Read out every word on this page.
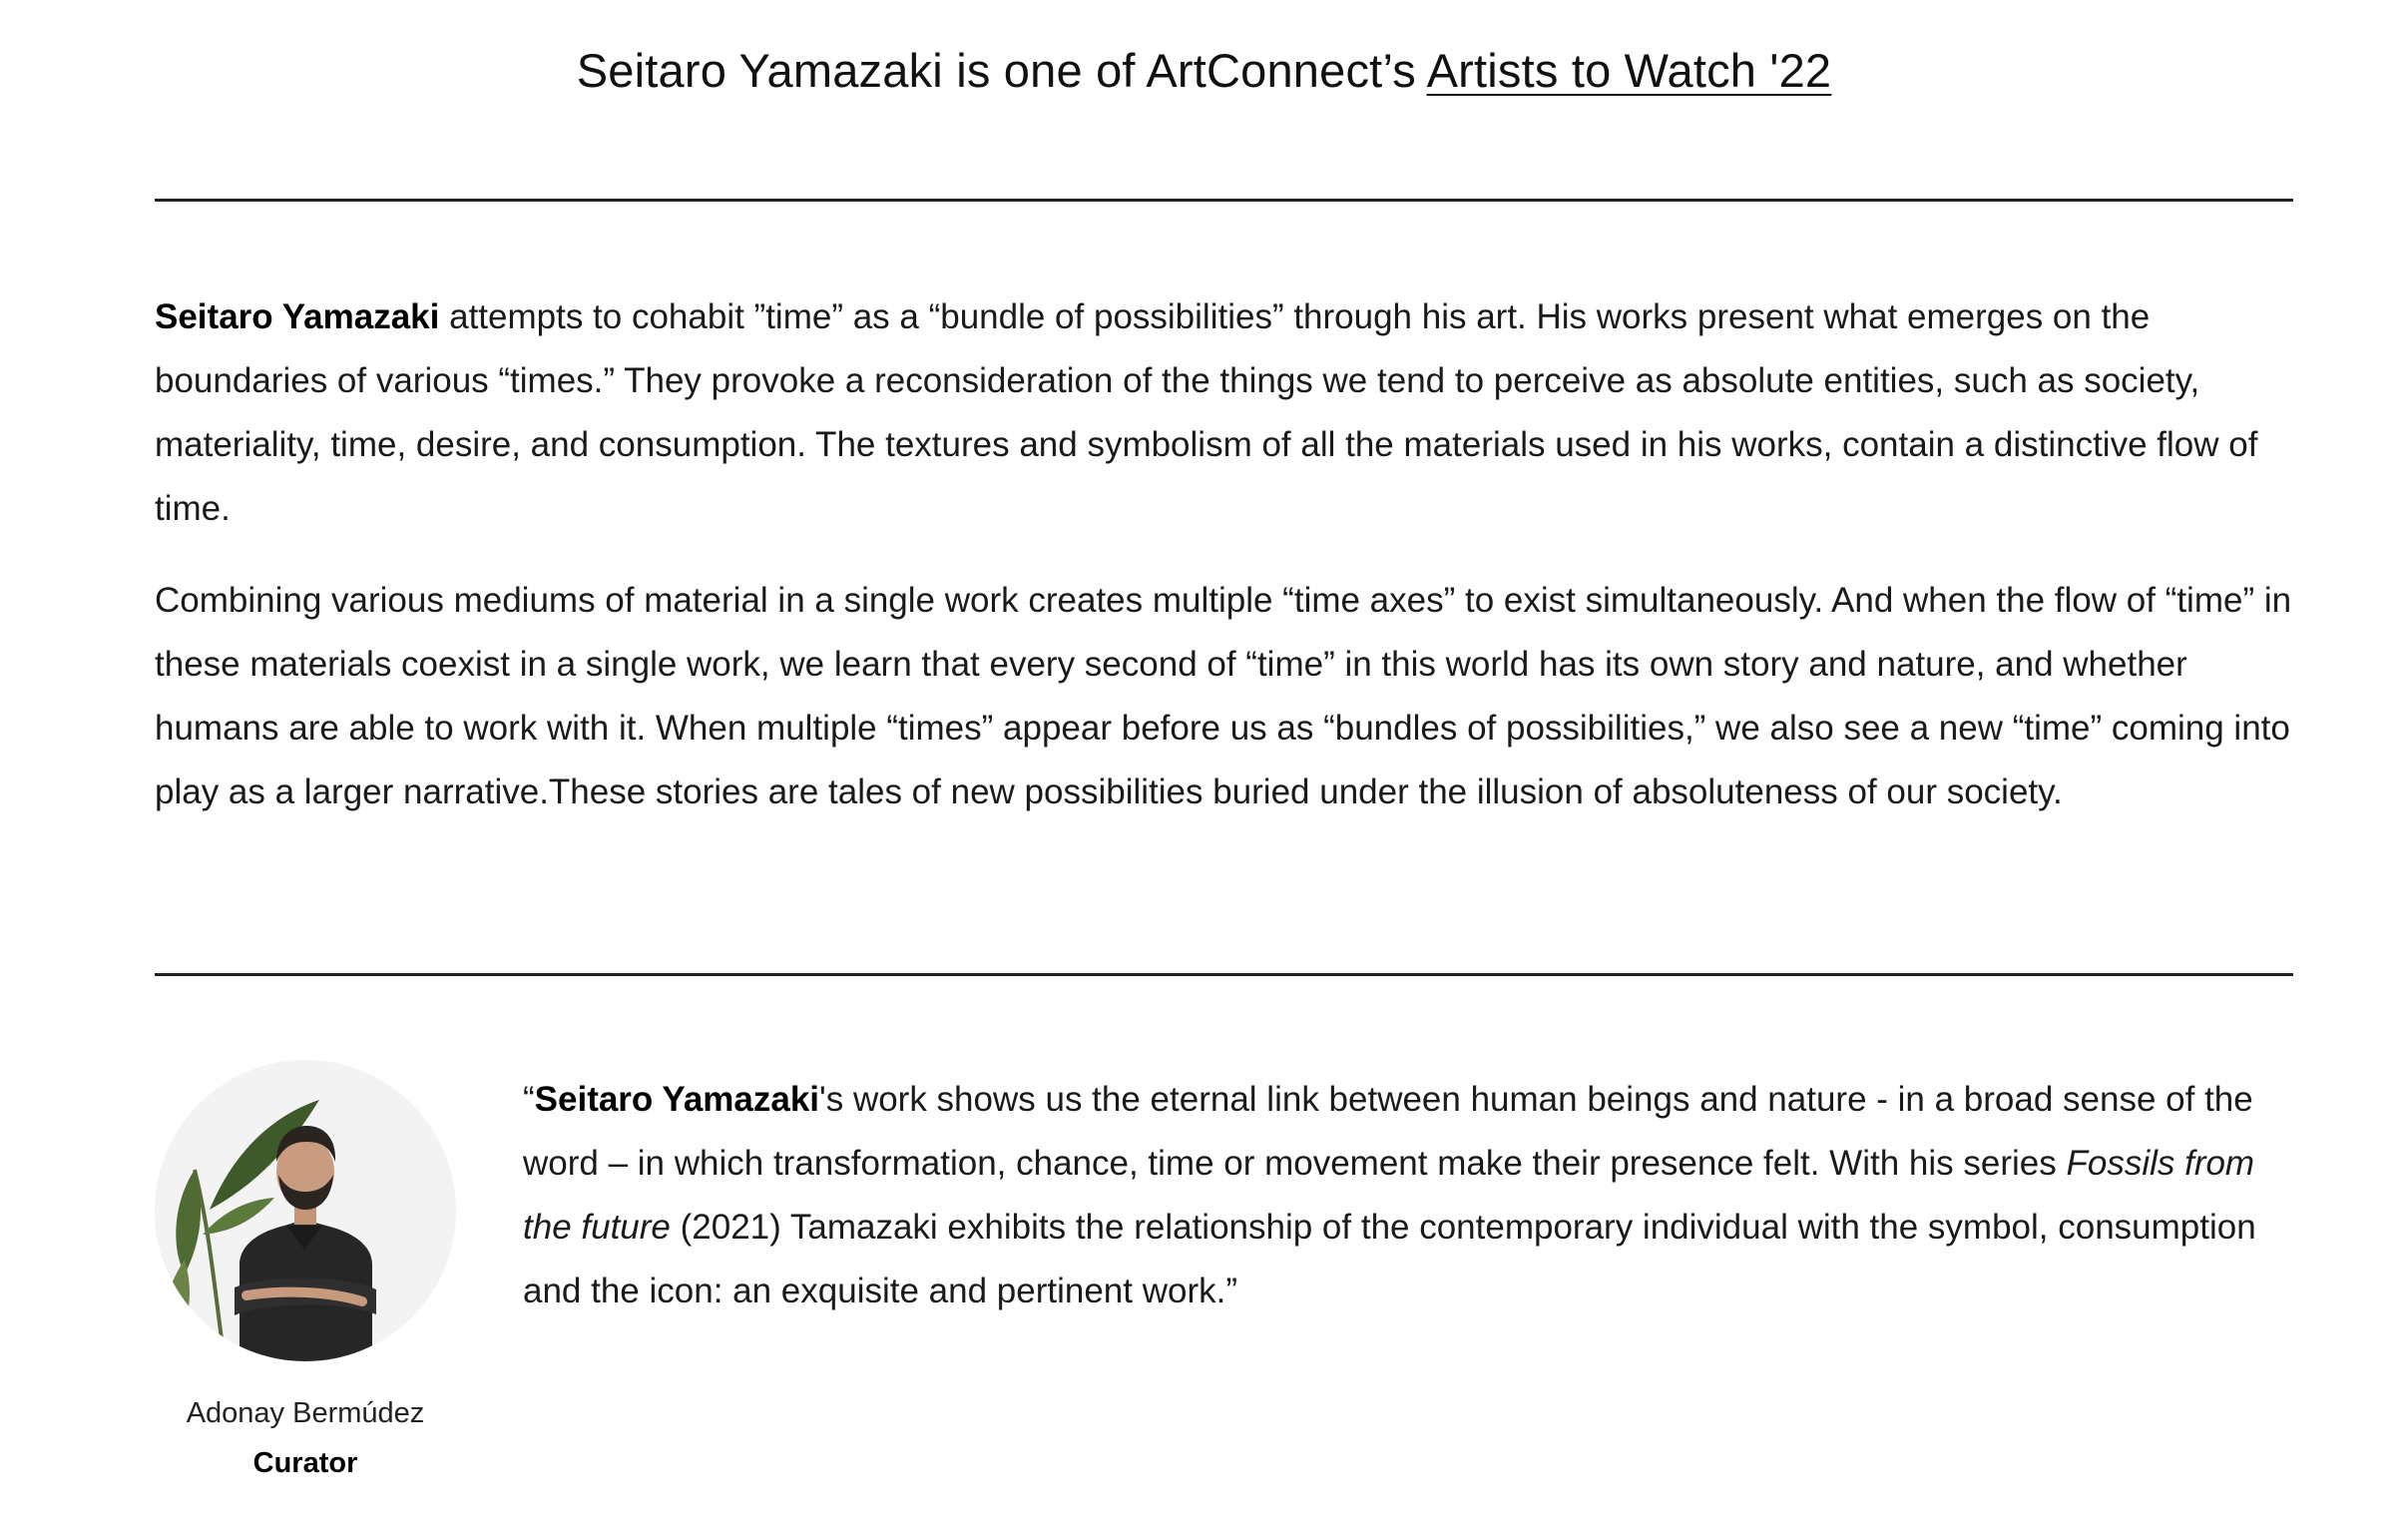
Seitaro Yamazaki is one of ArtConnect’s Artists to Watch '22

Seitaro Yamazaki attempts to cohabit ”time” as a “bundle of possibilities” through his art. His works present what emerges on the boundaries of various “times.” They provoke a reconsideration of the things we tend to perceive as absolute entities, such as society, materiality, time, desire, and consumption. The textures and symbolism of all the materials used in his works, contain a distinctive flow of time.

Combining various mediums of material in a single work creates multiple “time axes” to exist simultaneously. And when the flow of “time” in these materials coexist in a single work, we learn that every second of “time” in this world has its own story and nature, and whether humans are able to work with it. When multiple “times” appear before us as “bundles of possibilities,” we also see a new “time” coming into play as a larger narrative.These stories are tales of new possibilities buried under the illusion of absoluteness of our society.

Adonay Bermúdez
Curator
“Seitaro Yamazaki's work shows us the eternal link between human beings and nature - in a broad sense of the word – in which transformation, chance, time or movement make their presence felt. With his series Fossils from the future (2021) Tamazaki exhibits the relationship of the contemporary individual with the symbol, consumption and the icon: an exquisite and pertinent work.”
